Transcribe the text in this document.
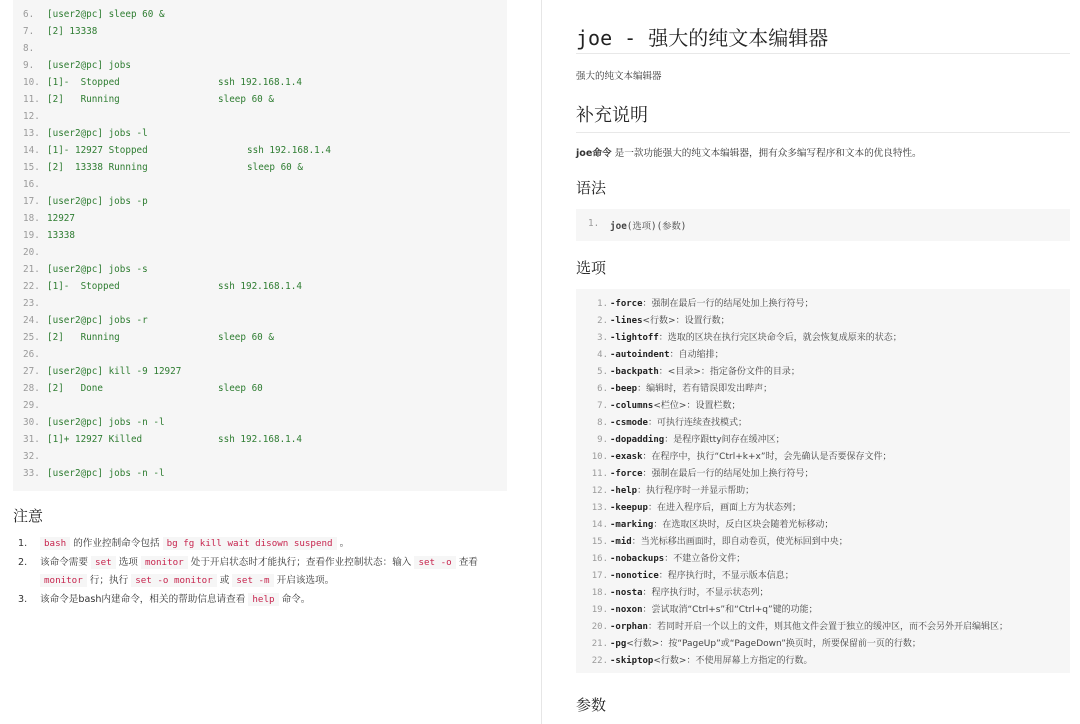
6.	[user2@pc] sleep 60 &
7.	[2] 13338
8.
9.	[user2@pc] jobs
10. [1]-  Stopped	ssh 192.168.1.4
11. [2]   Running	sleep 60 &
12.
13. [user2@pc] jobs -l
14. [1]- 12927 Stopped	ssh 192.168.1.4
15. [2]  13338 Running	sleep 60 &
16.
17. [user2@pc] jobs -p
18. 12927
19. 13338
20.
21. [user2@pc] jobs -s
22. [1]-  Stopped	ssh 192.168.1.4
23.
24. [user2@pc] jobs -r
25. [2]   Running	sleep 60 &
26.
27. [user2@pc] kill -9 12927
28. [2]   Done	sleep 60
29.
30. [user2@pc] jobs -n -l
31. [1]+ 12927 Killed	ssh 192.168.1.4
32.
33. [user2@pc] jobs -n -l
注意
1. bash 的作业控制命令包括 bg fg kill wait disown suspend 。
2. 该命令需要 set 选项 monitor 处于开启状态时才能执行；查看作业控制状态：输入 set -o 查看 monitor 行；执行 set -o monitor 或 set -m 开启该选项。
3. 该命令是bash内建命令，相关的帮助信息请查看 help 命令。
joe - 强大的纯文本编辑器
强大的纯文本编辑器
补充说明
joe命令 是一款功能强大的纯文本编辑器，拥有众多编写程序和文本的优良特性。
语法
1. joe(选项)(参数)
选项
1. -force：强制在最后一行的结尾处加上换行符号；
2. -lines<行数>：设置行数；
3. -lightoff：选取的区块在执行完区块命令后，就会恢复成原来的状态；
4. -autoindent：自动缩排；
5. -backpath：<目录>：指定备份文件的目录；
6. -beep：编辑时，若有错误即发出哔声；
7. -columns<栏位>：设置栏数；
8. -csmode：可执行连续查找模式；
9. -dopadding：是程序跟tty间存在缓冲区；
10. -exask：在程序中，执行“Ctrl+k+x”时，会先确认是否要保存文件；
11. -force：强制在最后一行的结尾处加上换行符号；
12. -help：执行程序时一并显示帮助；
13. -keepup：在进入程序后，画面上方为状态列；
14. -marking：在选取区块时，反白区块会随着光标移动；
15. -mid：当光标移出画面时，即自动卷页，使光标回到中央；
16. -nobackups：不建立备份文件；
17. -nonotice：程序执行时，不显示版本信息；
18. -nosta：程序执行时，不显示状态列；
19. -noxon：尝试取消“Ctrl+s”和“Ctrl+q”键的功能；
20. -orphan：若同时开启一个以上的文件，则其他文件会置于独立的缓冲区，而不会另外开启编辑区；
21. -pg<行数>：按“PageUp”或“PageDown”换页时，所要保留前一页的行数；
22. -skiptop<行数>：不使用屏幕上方指定的行数。
参数
